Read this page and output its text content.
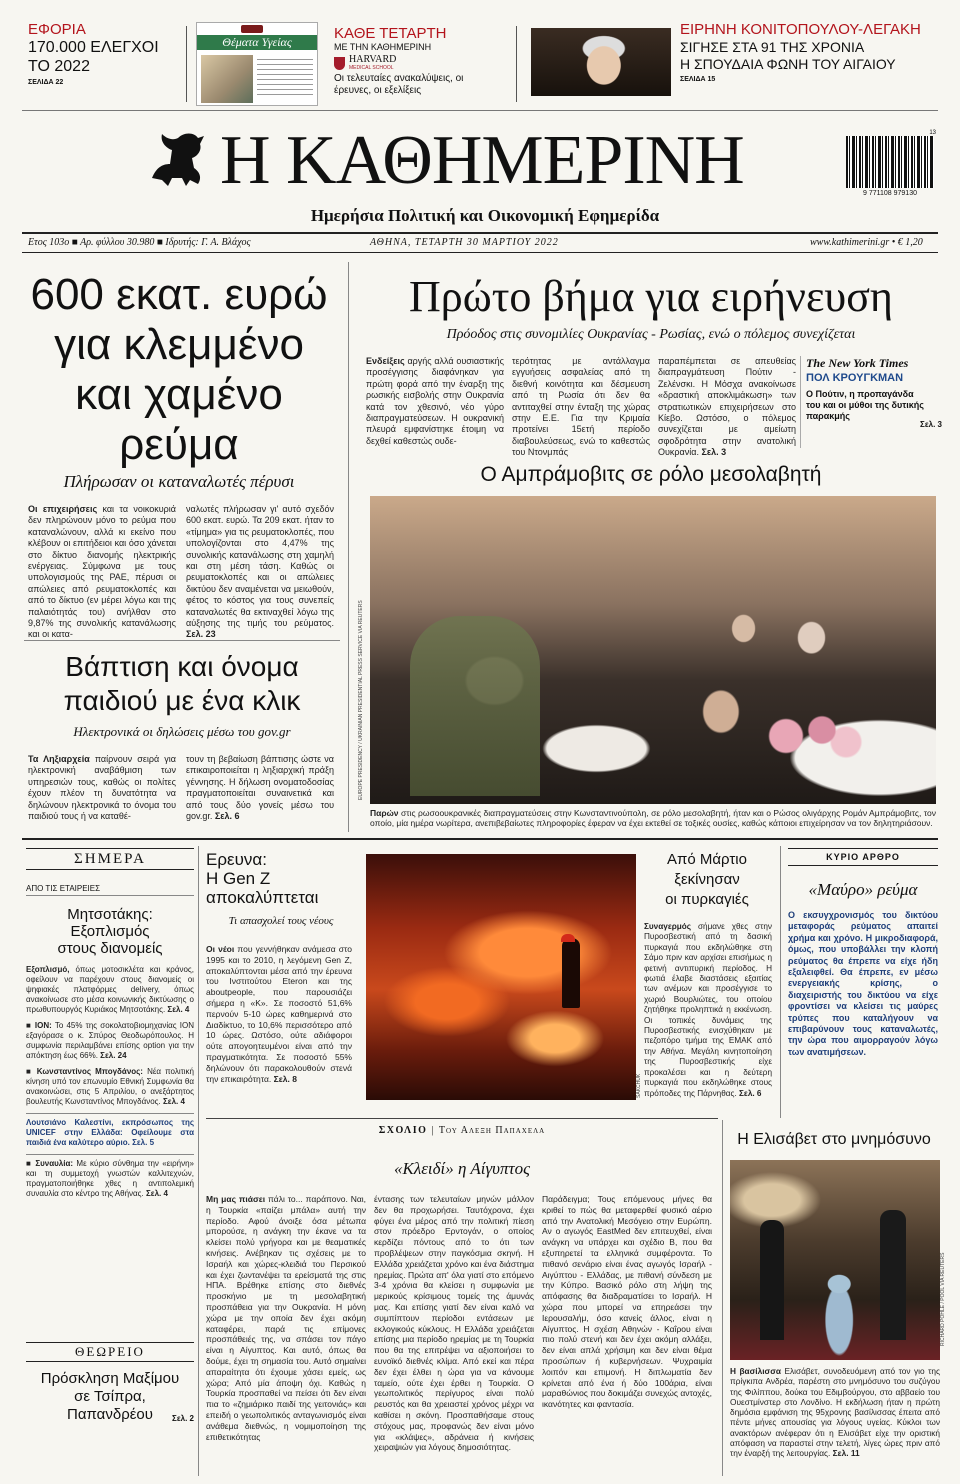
ΕΦΟΡΙΑ
170.000 ΕΛΕΓΧΟΙ
ΤΟ 2022
ΣΕΛΙΔΑ 22
Θέματα Υγείας	ΚΑΘΕ ΤΕΤΑΡΤΗ
ΜΕ ΤΗΝ ΚΑΘΗΜΕΡΙΝΗ
HARVARD
MEDICAL SCHOOL
Οι τελευταίες ανακαλύψεις, οι έρευνες, οι εξελίξεις
ΕΙΡΗΝΗ ΚΟΝΙΤΟΠΟΥΛΟΥ-ΛΕΓΑΚΗ
ΣΙΓΗΣΕ ΣΤΑ 91 ΤΗΣ ΧΡΟΝΙΑ
Η ΣΠΟΥΔΑΙΑ ΦΩΝΗ ΤΟΥ ΑΙΓΑΙΟΥ
ΣΕΛΙΔΑ 15
Η ΚΑΘΗΜΕΡΙΝΗ
Ημερήσια Πολιτική και Οικονομική Εφημερίδα
13
9 771108 979130
Ετος 103ο ■ Αρ. φύλλου 30.980 ■ Ιδρυτής: Γ. Α. Βλάχος	ΑΘΗΝΑ, ΤΕΤΑΡΤΗ 30 ΜΑΡΤΙΟΥ 2022	www.kathimerini.gr • € 1,20
600 εκατ. ευρώ
για κλεμμένο
και χαμένο
ρεύμα
Πλήρωσαν οι καταναλωτές πέρυσι
Οι επιχειρήσεις και τα νοικοκυριά δεν πληρώνουν μόνο το ρεύμα που καταναλώνουν, αλλά κι εκείνο που κλέβουν οι επιτήδειοι και όσο χάνεται στο δίκτυο διανομής ηλεκτρικής ενέργειας. Σύμφωνα με τους υπολογισμούς της ΡΑΕ, πέρυσι οι απώλειες από ρευματοκλοπές και από το δίκτυο (εν μέρει λόγω και της παλαιότητάς του) ανήλθαν στο 9,87% της συνολικής κατανάλωσης και οι κατα-
ναλωτές πλήρωσαν γι' αυτό σχεδόν 600 εκατ. ευρώ. Τα 209 εκατ. ήταν το «τίμημα» για τις ρευματοκλοπές, που υπολογίζονται στο 4,47% της συνολικής κατανάλωσης στη χαμηλή και στη μέση τάση. Καθώς οι ρευματοκλοπές και οι απώλειες δικτύου δεν αναμένεται να μειωθούν, φέτος το κόστος για τους συνεπείς καταναλωτές θα εκτιναχθεί λόγω της αύξησης της τιμής του ρεύματος. Σελ. 23
Βάπτιση και όνομα
παιδιού με ένα κλικ
Ηλεκτρονικά οι δηλώσεις μέσω του gov.gr
Τα Ληξιαρχεία παίρνουν σειρά για ηλεκτρονική αναβάθμιση των υπηρεσιών τους, καθώς οι πολίτες έχουν πλέον τη δυνατότητα να δηλώνουν ηλεκτρονικά το όνομα του παιδιού τους ή να καταθέ-
τουν τη βεβαίωση βάπτισης ώστε να επικαιροποιείται η ληξιαρχική πράξη γέννησης. Η δήλωση ονοματοδοσίας πραγματοποιείται συναινετικά και από τους δύο γονείς μέσω του gov.gr. Σελ. 6
Πρώτο βήμα για ειρήνευση
Πρόοδος στις συνομιλίες Ουκρανίας - Ρωσίας, ενώ ο πόλεμος συνεχίζεται
Ενδείξεις αργής αλλά ουσιαστικής προσέγγισης διαφάνηκαν για πρώτη φορά από την έναρξη της ρωσικής εισβολής στην Ουκρανία κατά τον χθεσινό, νέο γύρο διαπραγματεύσεων. Η ουκρανική πλευρά εμφανίστηκε έτοιμη να δεχθεί καθεστώς ουδε-
τερότητας με αντάλλαγμα εγγυήσεις ασφαλείας από τη διεθνή κοινότητα και δέσμευση από τη Ρωσία ότι δεν θα αντιταχθεί στην ένταξη της χώρας στην Ε.Ε. Για την Κριμαία προτείνει 15ετή περίοδο διαβουλεύσεως, ενώ το καθεστώς του Ντονμπάς
παραπέμπεται σε απευθείας διαπραγμάτευση Πούτιν - Ζελένσκι. Η Μόσχα ανακοίνωσε «δραστική αποκλιμάκωση» των στρατιωτικών επιχειρήσεων στο Κίεβο. Ωστόσο, ο πόλεμος συνεχίζεται με αμείωτη σφοδρότητα στην ανατολική Ουκρανία. Σελ. 3
The New York Times
ΠΟΛ ΚΡΟΥΓΚΜΑΝ
Ο Πούτιν, η προπαγάνδα του και οι μύθοι της δυτικής παρακμής
Σελ. 3
Ο Αμπράμοβιτς σε ρόλο μεσολαβητή
EUROPE PRESIDENCY / UKRAINIAN PRESIDENTIAL PRESS SERVICE VIA REUTERS
Παρών στις ρωσοουκρανικές διαπραγματεύσεις στην Κωνσταντινούπολη, σε ρόλο μεσολαβητή, ήταν και ο Ρώσος ολιγάρχης Ρομάν Αμπράμοβιτς, τον οποίο, μία ημέρα νωρίτερα, ανεπιβεβαίωτες πληροφορίες έφεραν να έχει εκτεθεί σε τοξικές ουσίες, καθώς κάποιοι επιχείρησαν να τον δηλητηριάσουν.
ΣΗΜΕΡΑ
ΑΠΟ ΤΙΣ ΕΤΑΙΡΕΙΕΣ
Μητσοτάκης:
Εξοπλισμός
στους διανομείς
Εξοπλισμό, όπως μοτοσικλέτα και κράνος, οφείλουν να παρέχουν στους διανομείς οι ψηφιακές πλατφόρμες delivery, όπως ανακοίνωσε στο μέσα κοινωνικής δικτύωσης ο πρωθυπουργός Κυριάκος Μητσοτάκης. Σελ. 4
■ ΙΟΝ: Το 45% της σοκολατοβιομηχανίας ΙΟΝ εξαγόρασε ο κ. Σπύρος Θεοδωρόπουλος. Η συμφωνία περιλαμβάνει επίσης option για την απόκτηση έως 66%. Σελ. 24
■ Κωνσταντίνος Μπογδάνος: Νέα πολιτική κίνηση υπό τον επωνυμίο Εθνική Συμφωνία θα ανακοινώσει, στις 5 Απριλίου, ο ανεξάρτητος βουλευτής Κωνσταντίνος Μπογδάνος. Σελ. 4
Λουτσιάνο Καλεστίνι, εκπρόσωπος της UNICEF στην Ελλάδα: Οφείλουμε στα παιδιά ένα καλύτερο αύριο. Σελ. 5
■ Συναυλία: Με κύριο σύνθημα την «ειρήνη» και τη συμμετοχή γνωστών καλλιτεχνών, πραγματοποιήθηκε χθες η αντιπολεμική συναυλία στο κέντρο της Αθήνας. Σελ. 4
ΘΕΩΡΕΙΟ
Πρόσκληση Μαξίμου
σε Τσίπρα,
Παπανδρέου	Σελ. 2
Ερευνα:
Η Gen Z
αποκαλύπτεται
Τι απασχολεί τους νέους
Οι νέοι που γεννήθηκαν ανάμεσα στο 1995 και το 2010, η λεγόμενη Gen Z, αποκαλύπτονται μέσα από την έρευνα του Ινστιτούτου Eteron και της aboutpeople, που παρουσιάζει σήμερα η «Κ». Σε ποσοστό 51,6% περνούν 5-10 ώρες καθημερινά στο Διαδίκτυο, το 10,6% περισσότερο από 10 ώρες. Ωστόσο, ούτε αδιάφοροι ούτε απογοητευμένοι είναι από την πραγματικότητα. Σε ποσοστό 55% δηλώνουν ότι παρακολουθούν στενά την επικαιρότητα. Σελ. 8	SAKCHUK
Από Μάρτιο
ξεκίνησαν
οι πυρκαγιές
Συναγερμός σήμανε χθες στην Πυροσβεστική από τη δασική πυρκαγιά που εκδηλώθηκε στη Σάμο πριν καν αρχίσει επισήμως η φετινή αντιπυρική περίοδος. Η φωτιά έλαβε διαστάσεις εξαιτίας των ανέμων και προσέγγισε το χωριό Βουρλιώτες, του οποίου ζητήθηκε προληπτικά η εκκένωση. Οι τοπικές δυνάμεις της Πυροσβεστικής ενισχύθηκαν με πεζοπόρο τμήμα της ΕΜΑΚ από την Αθήνα. Μεγάλη κινητοποίηση της Πυροσβεστικής είχε προκαλέσει και η δεύτερη πυρκαγιά που εκδηλώθηκε στους πρόποδες της Πάρνηθας. Σελ. 6
ΚΥΡΙΟ ΑΡΘΡΟ
«Μαύρο» ρεύμα
Ο εκσυγχρονισμός του δικτύου μεταφοράς ρεύματος απαιτεί χρήμα και χρόνο. Η μικροδιαφορά, όμως, που υποβάλλει την κλοπή ρεύματος θα έπρεπε να είχε ήδη εξαλειφθεί. Θα έπρεπε, εν μέσω ενεργειακής κρίσης, ο διαχειριστής του δικτύου να είχε φροντίσει να κλείσει τις μαύρες τρύπες που καταλήγουν να επιβαρύνουν τους καταναλωτές, την ώρα που αιμορραγούν λόγω των ανατιμήσεων.
ΣΧΟΛΙΟ | Του Αλεξη Παπαχελα
«Κλειδί» η Αίγυπτος
Μη μας πιάσει πάλι το... παράπονο. Ναι, η Τουρκία «παίζει μπάλα» αυτή την περίοδο. Αφού άνοιξε όσα μέτωπα μπορούσε, η ανάγκη την έκανε να τα κλείσει πολύ γρήγορα και με θεαματικές κινήσεις. Ανέβηκαν τις σχέσεις με το Ισραήλ και χώρες-κλειδιά του Περσικού και έχει ζωντανέψει τα ερείσματά της στις ΗΠΑ. Βρέθηκε επίσης στο διεθνές προσκήνιο με τη μεσολαβητική προσπάθεια για την Ουκρανία. Η μόνη χώρα με την οποία δεν έχει ακόμη καταφέρει, παρά τις επίμονες προσπάθειές της, να σπάσει τον πάγο είναι η Αίγυπτος. Και αυτό, όπως θα δούμε, έχει τη σημασία του. Αυτό σημαίνει απαραίτητα ότι έχουμε χάσει εμείς, ως χώρα; Από μία άποψη όχι. Καθώς η Τουρκία προσπαθεί να πείσει ότι δεν είναι πια το «ζημιάρικο παιδί της γειτονιάς» και επειδή ο γεωπολιτικός ανταγωνισμός είναι ανάθεμα διεθνώς, η νομιμοποίηση της επιθετικότητας
έντασης των τελευταίων μηνών μάλλον δεν θα προχωρήσει. Ταυτόχρονα, έχει φύγει ένα μέρος από την πολιτική πίεση στον πρόεδρο Ερντογάν, ο οποίος κερδίζει πόντους από το ότι των προβλέψεων στην παγκόσμια σκηνή. Η Ελλάδα χρειάζεται χρόνο και ένα διάστημα ηρεμίας. Πρώτα απ' όλα γιατί στο επόμενο 3-4 χρόνια θα κλείσει η συμφωνία με μερικούς κρίσιμους τομείς της άμυνάς μας. Και επίσης γιατί δεν είναι καλό να συμπίπτουν περίοδοι εντάσεων με εκλογικούς κύκλους. Η Ελλάδα χρειάζεται επίσης μια περίοδο ηρεμίας με τη Τουρκία που θα της επιτρέψει να αξιοποιήσει το ευνοϊκό διεθνές κλίμα. Από εκεί και πέρα δεν έχει έλθει η ώρα για να κάνουμε ταμείο, ούτε έχει έρθει η Τουρκία. Ο γεωπολιτικός περίγυρος είναι πολύ ρευστός και θα χρειαστεί χρόνος μέχρι να καθίσει η σκόνη. Προσπαθήσαμε στους στόχους μας, προφανώς δεν είναι μόνο για «κλάψες», αδράνεια ή κινήσεις χειραψιών για λόγους δημοσιότητας.
Παράδειγμα; Τους επόμενους μήνες θα κριθεί το πώς θα μεταφερθεί φυσικό αέριο από την Ανατολική Μεσόγειο στην Ευρώπη. Αν ο αγωγός EastMed δεν επιτευχθεί, είναι ανάγκη να υπάρχει και σχέδιο Β, που θα εξυπηρετεί τα ελληνικά συμφέροντα. Το πιθανό σενάριο είναι ένας αγωγός Ισραήλ - Αιγύπτου - Ελλάδας, με πιθανή σύνδεση με την Κύπρο. Βασικό ρόλο στη λήψη της απόφασης θα διαδραματίσει το Ισραήλ. Η χώρα που μπορεί να επηρεάσει την Ιερουσαλήμ, όσο κανείς άλλος, είναι η Αίγυπτος. Η σχέση Αθηνών - Καΐρου είναι πιο πολύ στενή και δεν έχει ακόμη αλλάξει, δεν είναι απλά χρήσιμη και δεν είναι θέμα προσώπων ή κυβερνήσεων. Ψυχραιμία λοιπόν και επιμονή. Η διπλωματία δεν κρίνεται από ένα ή δύο 100άρια, είναι μαραθώνιος που δοκιμάζει συνεχώς αντοχές, ικανότητες και φαντασία.
Η Ελισάβετ στο μνημόσυνο
RICHARD POHLE / POOL VIA REUTERS
Η βασίλισσα Ελισάβετ, συνοδευόμενη από τον γιο της πρίγκιπα Ανδρέα, παρέστη στο μνημόσυνο του συζύγου της Φιλίππου, δούκα του Εδιμβούργου, στο αββαείο του Ουεστμίνστερ στο Λονδίνο. Η εκδήλωση ήταν η πρώτη δημόσια εμφάνιση της 95χρονης βασίλισσας έπειτα από πέντε μήνες απουσίας για λόγους υγείας. Κύκλοι των ανακτόρων ανέφεραν ότι η Ελισάβετ είχε την οριστική απόφαση να παραστεί στην τελετή, λίγες ώρες πριν από την έναρξή της λειτουργίας. Σελ. 11
